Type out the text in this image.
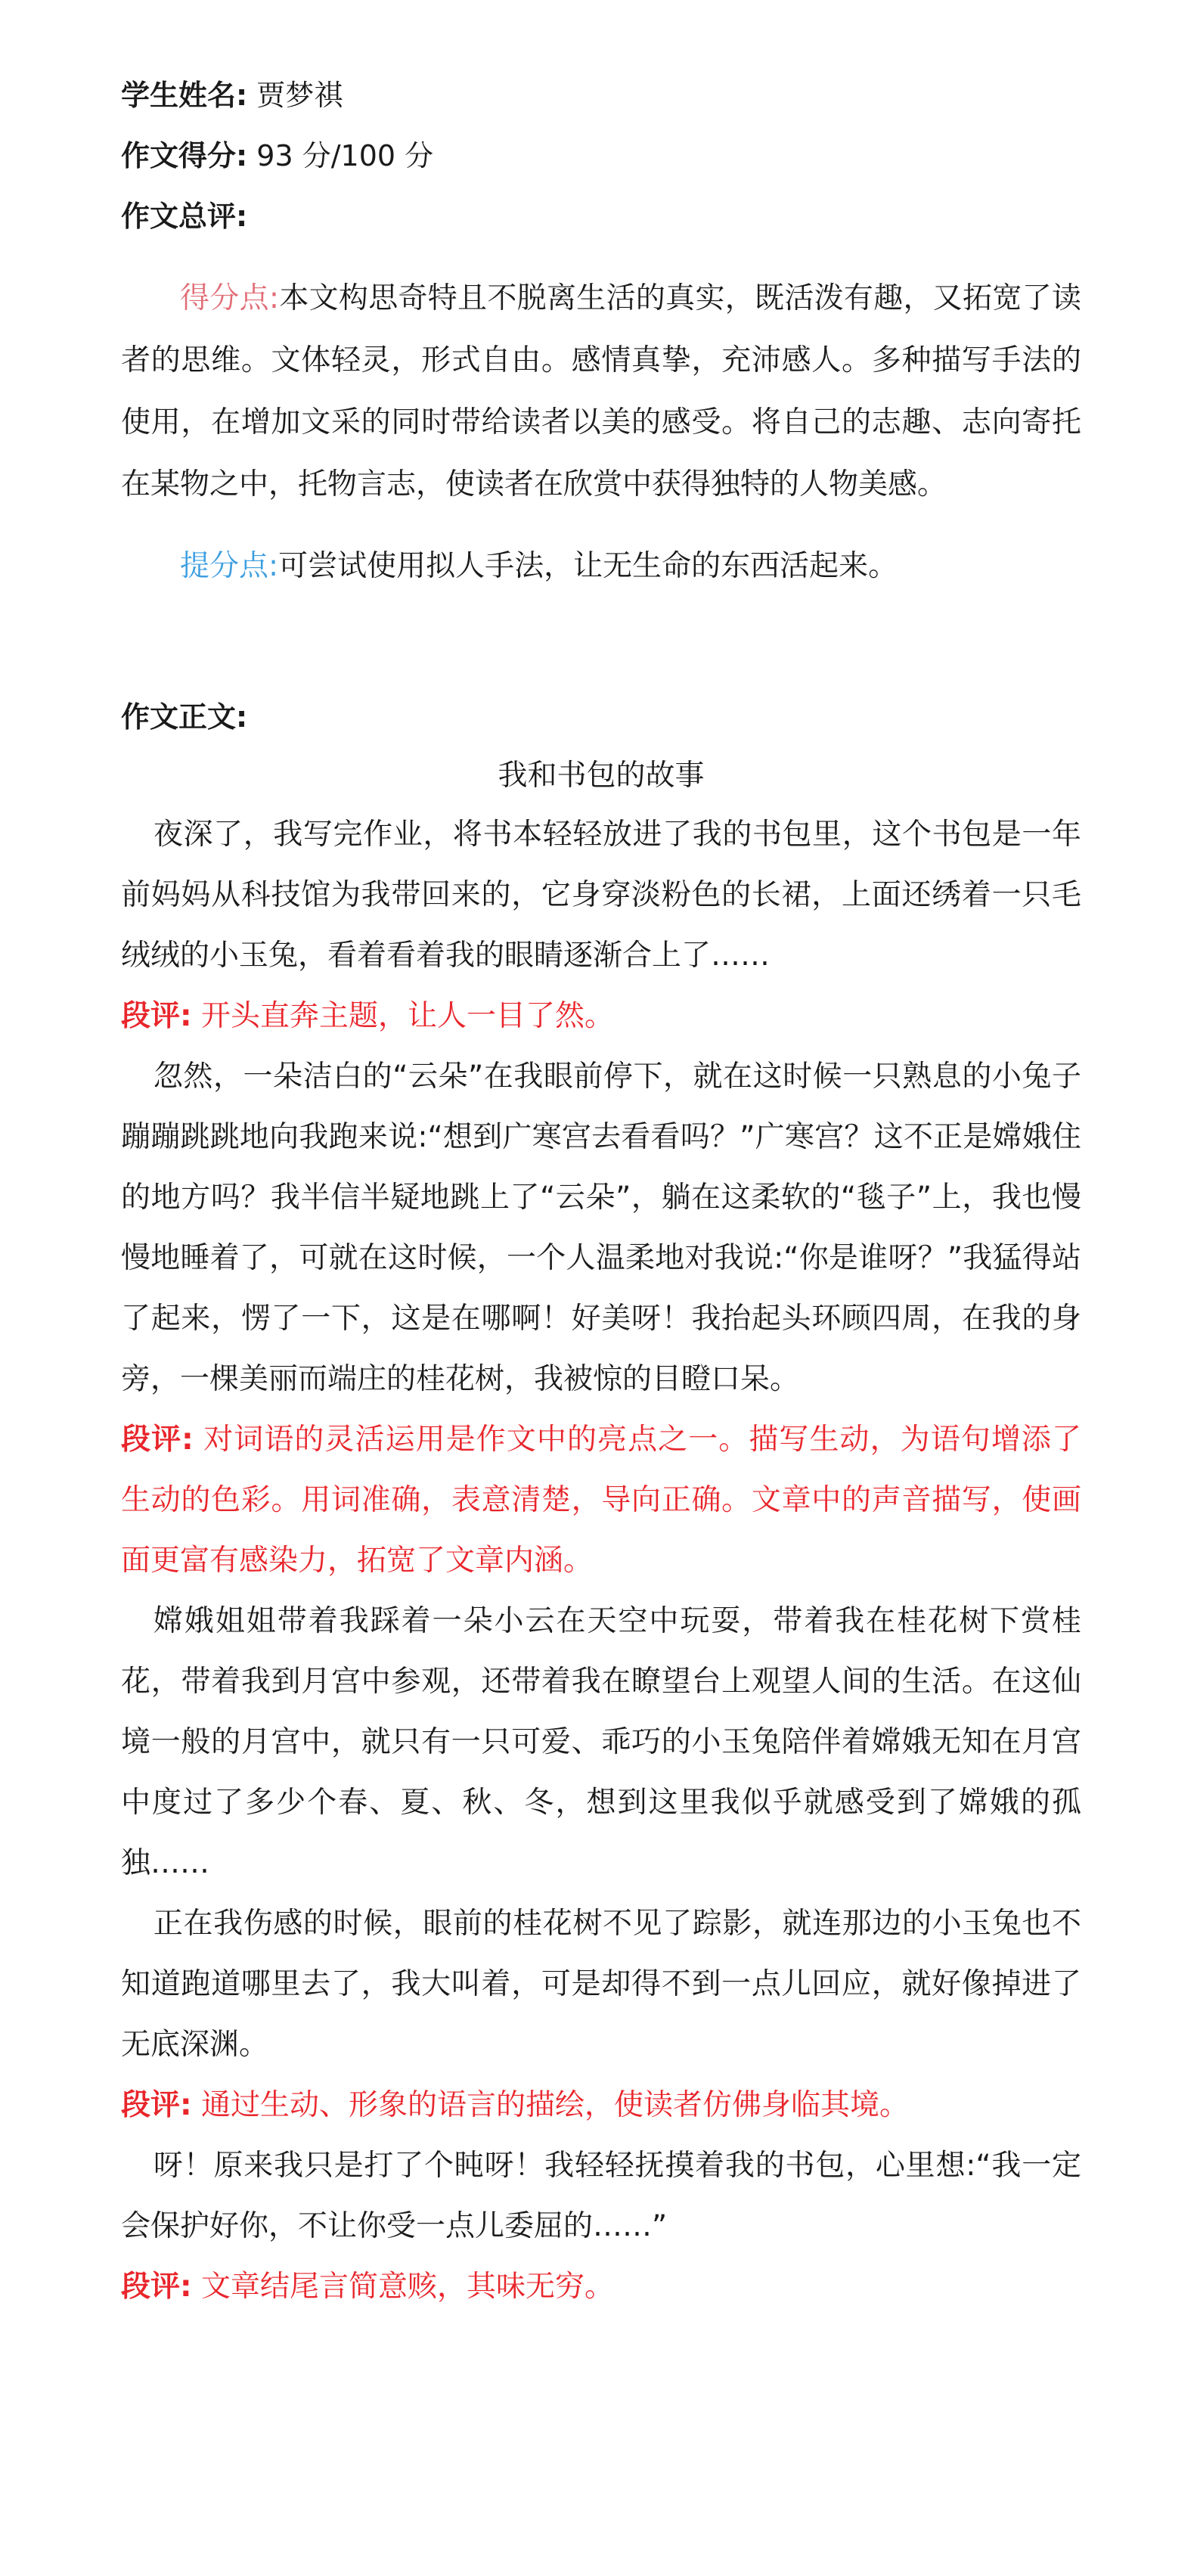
学生姓名: 贾梦祺
作文得分: 93 分/100 分
作文总评:

得分点:本文构思奇特且不脱离生活的真实，既活泼有趣，又拓宽了读者的思维。文体轻灵，形式自由。感情真挚，充沛感人。多种描写手法的使用，在增加文采的同时带给读者以美的感受。将自己的志趣、志向寄托在某物之中，托物言志，使读者在欣赏中获得独特的人物美感。

提分点:可尝试使用拟人手法，让无生命的东西活起来。

作文正文:

我和书包的故事

夜深了，我写完作业，将书本轻轻放进了我的书包里，这个书包是一年前妈妈从科技馆为我带回来的，它身穿淡粉色的长裙，上面还绣着一只毛绒绒的小玉兔，看着看着我的眼睛逐渐合上了……

段评: 开头直奔主题，让人一目了然。

忽然，一朵洁白的“云朵”在我眼前停下，就在这时候一只熟息的小兔子蹦蹦跳跳地向我跑来说:“想到广寒宫去看看吗？”广寒宫？这不正是嫦娥住的地方吗？我半信半疑地跳上了“云朵”，躺在这柔软的“毯子”上，我也慢慢地睡着了，可就在这时候，一个人温柔地对我说:“你是谁呀？”我猛得站了起来，愣了一下，这是在哪啊！好美呀！我抬起头环顾四周，在我的身旁，一棵美丽而端庄的桂花树，我被惊的目瞪口呆。

段评: 对词语的灵活运用是作文中的亮点之一。描写生动，为语句增添了生动的色彩。用词准确，表意清楚，导向正确。文章中的声音描写，使画面更富有感染力，拓宽了文章内涵。

嫦娥姐姐带着我踩着一朵小云在天空中玩耍，带着我在桂花树下赏桂花，带着我到月宫中参观，还带着我在瞭望台上观望人间的生活。在这仙境一般的月宫中，就只有一只可爱、乖巧的小玉兔陪伴着嫦娥无知在月宫中度过了多少个春、夏、秋、冬，想到这里我似乎就感受到了嫦娥的孤独……

正在我伤感的时候，眼前的桂花树不见了踪影，就连那边的小玉兔也不知道跑道哪里去了，我大叫着，可是却得不到一点儿回应，就好像掉进了无底深渊。

段评: 通过生动、形象的语言的描绘，使读者仿佛身临其境。

呀！原来我只是打了个盹呀！我轻轻抚摸着我的书包，心里想:“我一定会保护好你，不让你受一点儿委屈的……”

段评: 文章结尾言简意赅，其味无穷。
